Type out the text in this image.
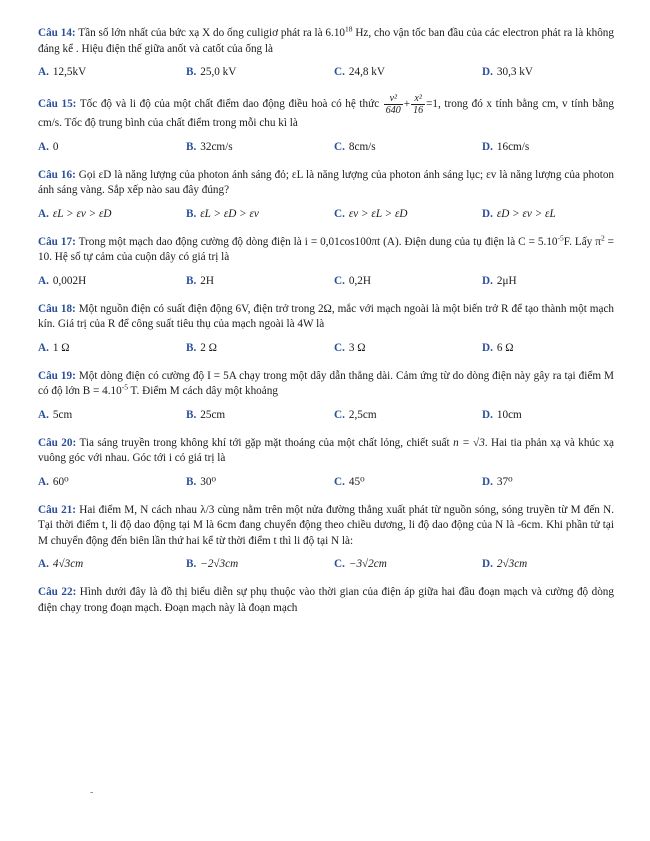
Câu 14: Tần số lớn nhất của bức xạ X do ống culigiơ phát ra là 6.10$^{18}$ Hz, cho vận tốc ban đầu của các electron phát ra là không đáng kể . Hiệu điện thế giữa anốt và catốt của ống là

A. 12,5kV	B. 25,0 kV	C. 24,8 kV	D. 30,3 kV

Câu 15: Tốc độ và li độ của một chất điểm dao động điều hoà có hệ thức $\frac{\text{v²}}{640} + \frac{\text{x²}}{16} =1$, trong đó x tính bằng cm, v tính bằng cm/s. Tốc độ trung bình của chất điểm trong mỗi chu kì là

A. 0	B. 32cm/s	C. 8cm/s	D. 16cm/s

Câu 16: Gọi εD là năng lượng của photon ánh sáng đỏ; εL là năng lượng của photon ánh sáng lục; εv là năng lượng của photon ánh sáng vàng. Sắp xếp nào sau đây đúng?

A. εL > εv > εD	B. εL > εD > εv	C. εv > εL > εD	D. εD > εv > εL

Câu 17: Trong một mạch dao động cường độ dòng điện là i = 0,01cos100πt (A). Điện dung của tụ điện là $C = 5.10^{-5}F$. Lấy $\pi^2 = 10$. Hệ số tự cảm của cuộn dây có giá trị là

A. 0,002H	B. 2H	C. 0,2H	D. 2μH

Câu 18: Một nguồn điện có suất điện động 6V, điện trở trong 2Ω, mắc với mạch ngoài là một biến trở R để tạo thành một mạch kín. Giá trị của R để công suất tiêu thụ của mạch ngoài là 4W là

A. 1 Ω	B. 2 Ω	C. 3 Ω	D. 6 Ω

Câu 19: Một dòng điện có cường độ I = 5A chạy trong một dây dẫn thẳng dài. Cảm ứng từ do dòng điện này gây ra tại điểm M có độ lớn $B = 4.10^{-5}$ T. Điểm M cách dây một khoảng

A. 5cm	B. 25cm	C. 2,5cm	D. 10cm

Câu 20: Tia sáng truyền trong không khí tới gặp mặt thoáng của một chất lỏng, chiết suất n = √3. Hai tia phản xạ và khúc xạ vuông góc với nhau. Góc tới i có giá trị là

A. 60⁰	B. 30⁰	C. 45⁰	D. 37⁰

Câu 21: Hai điểm M, N cách nhau λ/3 cùng nằm trên một nửa đường thẳng xuất phát từ nguồn sóng, sóng truyền từ M đến N. Tại thời điểm t, li độ dao động tại M là 6cm đang chuyển động theo chiều dương, li độ dao động của N là -6cm. Khi phần tử tại M chuyển động đến biên lần thứ hai kể từ thời điểm t thì li độ tại N là:

A. 4√3cm	B. −2√3cm	C. −3√2cm	D. 2√3cm

Câu 22: Hình dưới đây là đồ thị biểu diễn sự phụ thuộc vào thời gian của điện áp giữa hai đầu đoạn mạch và cường độ dòng điện chạy trong đoạn mạch. Đoạn mạch này là đoạn mạch

-
